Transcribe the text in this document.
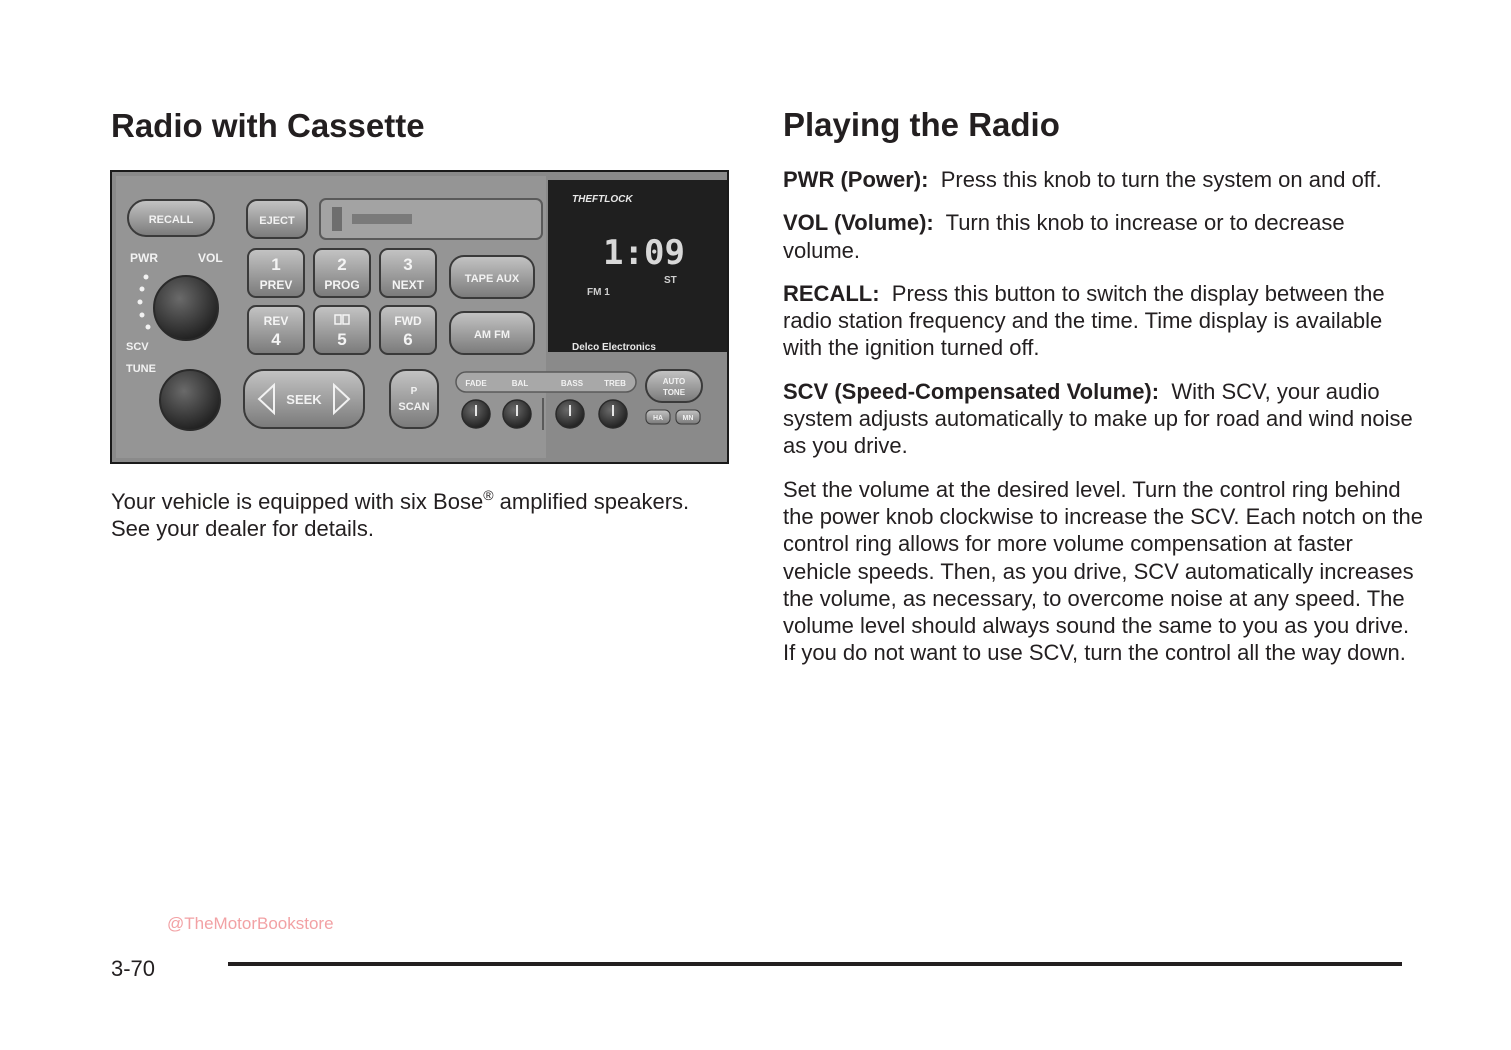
Radio with Cassette
RECALL	EJECT
PWR	VOL
SCV
TUNE
1
PREV
2
PROG
3
NEXT
REV
4	5
FWD
6
TAPE AUX
AM FM
THEFTLOCK
1:09
FM 1
ST
Delco Electronics
SEEK
P
SCAN
FADE	BAL	BASS	TREB	AUTO
TONE
HA	MN

Your vehicle is equipped with six Bose® amplified speakers. See your dealer for details.

Playing the Radio

PWR (Power): Press this knob to turn the system on and off.

VOL (Volume): Turn this knob to increase or to decrease volume.

RECALL: Press this button to switch the display between the radio station frequency and the time. Time display is available with the ignition turned off.

SCV (Speed-Compensated Volume): With SCV, your audio system adjusts automatically to make up for road and wind noise as you drive.

Set the volume at the desired level. Turn the control ring behind the power knob clockwise to increase the SCV. Each notch on the control ring allows for more volume compensation at faster vehicle speeds. Then, as you drive, SCV automatically increases the volume, as necessary, to overcome noise at any speed. The volume level should always sound the same to you as you drive. If you do not want to use SCV, turn the control all the way down.

@TheMotorBookstore
3-70
